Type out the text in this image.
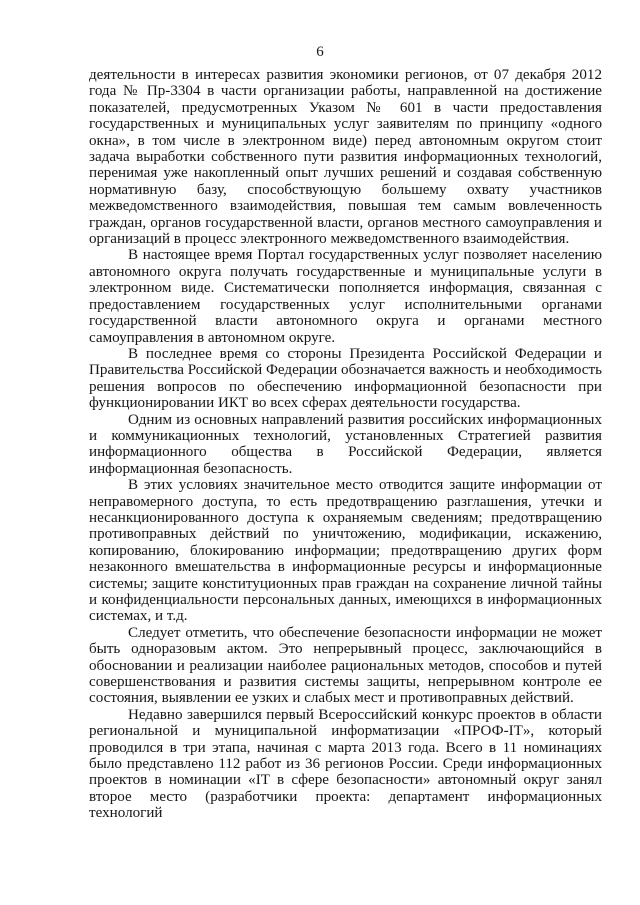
6

деятельности в интересах развития экономики регионов, от 07 декабря 2012 года № Пр-3304 в части организации работы, направленной на достижение показателей, предусмотренных Указом № 601 в части предоставления государственных и муниципальных услуг заявителям по принципу «одного окна», в том числе в электронном виде) перед автономным округом стоит задача выработки собственного пути развития информационных технологий, перенимая уже накопленный опыт лучших решений и создавая собственную нормативную базу, способствующую большему охвату участников межведомственного взаимодействия, повышая тем самым вовлеченность граждан, органов государственной власти, органов местного самоуправления и организаций в процесс электронного межведомственного взаимодействия.

В настоящее время Портал государственных услуг позволяет населению автономного округа получать государственные и муниципальные услуги в электронном виде. Систематически пополняется информация, связанная с предоставлением государственных услуг исполнительными органами государственной власти автономного округа и органами местного самоуправления в автономном округе.

В последнее время со стороны Президента Российской Федерации и Правительства Российской Федерации обозначается важность и необходимость решения вопросов по обеспечению информационной безопасности при функционировании ИКТ во всех сферах деятельности государства.

Одним из основных направлений развития российских информационных и коммуникационных технологий, установленных Стратегией развития информационного общества в Российской Федерации, является информационная безопасность.

В этих условиях значительное место отводится защите информации от неправомерного доступа, то есть предотвращению разглашения, утечки и несанкционированного доступа к охраняемым сведениям; предотвращению противоправных действий по уничтожению, модификации, искажению, копированию, блокированию информации; предотвращению других форм незаконного вмешательства в информационные ресурсы и информационные системы; защите конституционных прав граждан на сохранение личной тайны и конфиденциальности персональных данных, имеющихся в информационных системах, и т.д.

Следует отметить, что обеспечение безопасности информации не может быть одноразовым актом. Это непрерывный процесс, заключающийся в обосновании и реализации наиболее рациональных методов, способов и путей совершенствования и развития системы защиты, непрерывном контроле ее состояния, выявлении ее узких и слабых мест и противоправных действий.

Недавно завершился первый Всероссийский конкурс проектов в области региональной и муниципальной информатизации «ПРОФ-IT», который проводился в три этапа, начиная с марта 2013 года. Всего в 11 номинациях было представлено 112 работ из 36 регионов России. Среди информационных проектов в номинации «IT в сфере безопасности» автономный округ занял второе место (разработчики проекта: департамент информационных технологий
